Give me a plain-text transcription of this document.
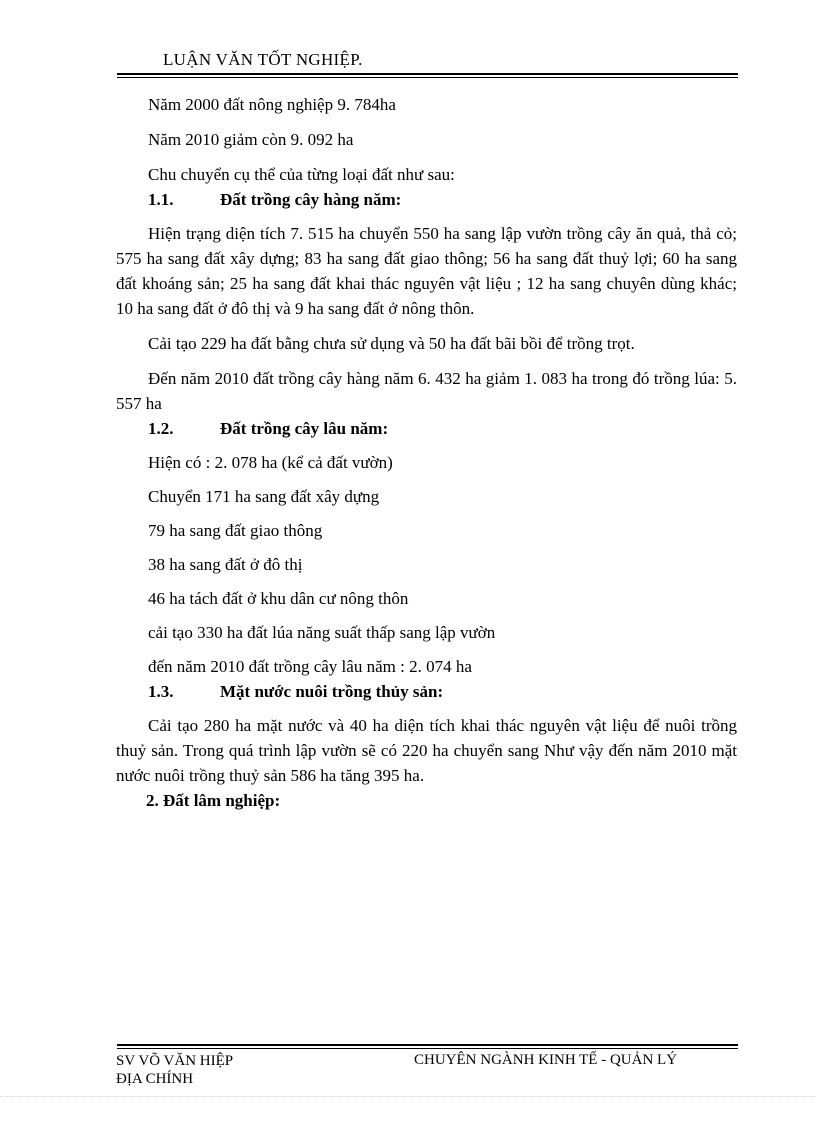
LUẬN VĂN TỐT NGHIỆP.

Năm 2000 đất nông nghiệp 9. 784ha

Năm 2010 giảm còn 9. 092 ha

Chu chuyển cụ thể của từng loại đất như sau:

1.1.	Đất trồng cây hàng năm:

Hiện trạng diện tích 7. 515 ha chuyển 550 ha sang lập vườn trồng cây ăn quả, thả cỏ; 575 ha sang đất xây dựng; 83 ha sang đất giao thông; 56 ha sang đất thuỷ lợi; 60 ha sang đất khoáng sản; 25 ha sang đất khai thác nguyên vật liệu ; 12 ha sang chuyên dùng khác; 10 ha sang đất ở đô thị và 9 ha sang đất ở nông thôn.

Cải tạo 229 ha đất bằng chưa sử dụng và 50 ha đất bãi bồi để trồng trọt.

Đến năm 2010 đất trồng cây hàng năm 6. 432 ha giảm 1. 083 ha trong đó trồng lúa: 5. 557 ha

1.2.	Đất trồng cây lâu năm:

Hiện có : 2. 078 ha (kể cả đất vườn)

Chuyển 171 ha sang đất xây dựng

79 ha sang đất giao thông

38 ha sang đất ở đô thị

46 ha tách đất ở khu dân cư nông thôn

cải tạo 330 ha đất lúa năng suất thấp sang lập vườn

đến năm 2010 đất trồng cây lâu năm : 2. 074 ha

1.3.	Mặt nước nuôi trồng thủy sản:

Cải tạo 280 ha mặt nước và 40 ha diện tích khai thác nguyên vật liệu để nuôi trồng thuỷ sản. Trong quá trình lập vườn sẽ có 220 ha chuyển sang Như vậy đến năm 2010 mặt nước nuôi trồng thuỷ sản 586 ha tăng 395 ha.

2. Đất lâm nghiệp:

SV VÕ VĂN HIỆP
ĐỊA CHÍNH
CHUYÊN NGÀNH KINH TẾ - QUẢN LÝ
